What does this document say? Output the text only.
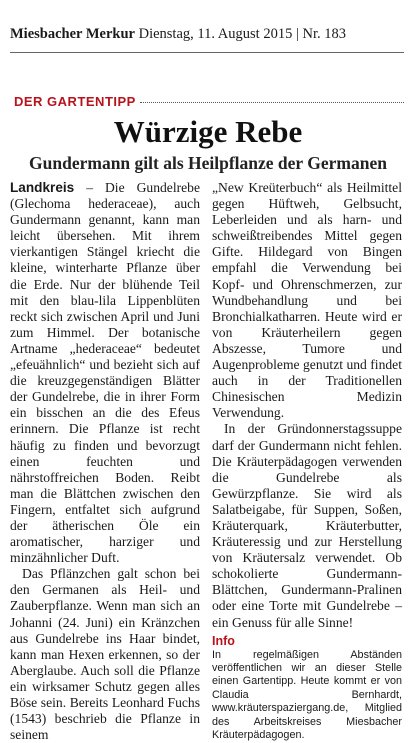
Miesbacher Merkur Dienstag, 11. August 2015 | Nr. 183
DER GARTENTIPP
Würzige Rebe
Gundermann gilt als Heilpflanze der Germanen

Landkreis – Die Gundelrebe (Glechoma hederaceae), auch Gundermann genannt, kann man leicht übersehen. Mit ihrem vierkantigen Stängel kriecht die kleine, winterharte Pflanze über die Erde. Nur der blühende Teil mit den blau-lila Lippenblüten reckt sich zwischen April und Juni zum Himmel. Der botanische Artname „hederaceae“ bedeutet „efeuähnlich“ und bezieht sich auf die kreuzgegenständigen Blätter der Gundelrebe, die in ihrer Form ein bisschen an die des Efeus erinnern. Die Pflanze ist recht häufig zu finden und bevorzugt einen feuchten und nährstoffreichen Boden. Reibt man die Blättchen zwischen den Fingern, entfaltet sich aufgrund der ätherischen Öle ein aromatischer, harziger und minzähnlicher Duft.

Das Pflänzchen galt schon bei den Germanen als Heil- und Zauberpflanze. Wenn man sich an Johanni (24. Juni) ein Kränzchen aus Gundelrebe ins Haar bindet, kann man Hexen erkennen, so der Aberglaube. Auch soll die Pflanze ein wirksamer Schutz gegen alles Böse sein. Bereits Leonhard Fuchs (1543) beschrieb die Pflanze in seinem

„New Kreüterbuch“ als Heilmittel gegen Hüftweh, Gelbsucht, Leberleiden und als harn- und schweißtreibendes Mittel gegen Gifte. Hildegard von Bingen empfahl die Verwendung bei Kopf- und Ohrenschmerzen, zur Wundbehandlung und bei Bronchialkatharren. Heute wird er von Kräuterheilern gegen Abszesse, Tumore und Augenprobleme genutzt und findet auch in der Traditionellen Chinesischen Medizin Verwendung.

In der Gründonnerstagssuppe darf der Gundermann nicht fehlen. Die Kräuterpädagogen verwenden die Gundelrebe als Gewürzpflanze. Sie wird als Salatbeigabe, für Suppen, Soßen, Kräuterquark, Kräuterbutter, Kräuteressig und zur Herstellung von Kräutersalz verwendet. Ob schokolierte Gundermann-Blättchen, Gundermann-Pralinen oder eine Torte mit Gundelrebe – ein Genuss für alle Sinne!

Info
In regelmäßigen Abständen veröffentlichen wir an dieser Stelle einen Gartentipp. Heute kommt er von Claudia Bernhardt, www.kräuterspaziergang.de, Mitglied des Arbeitskreises Miesbacher Kräuterpädagogen.
